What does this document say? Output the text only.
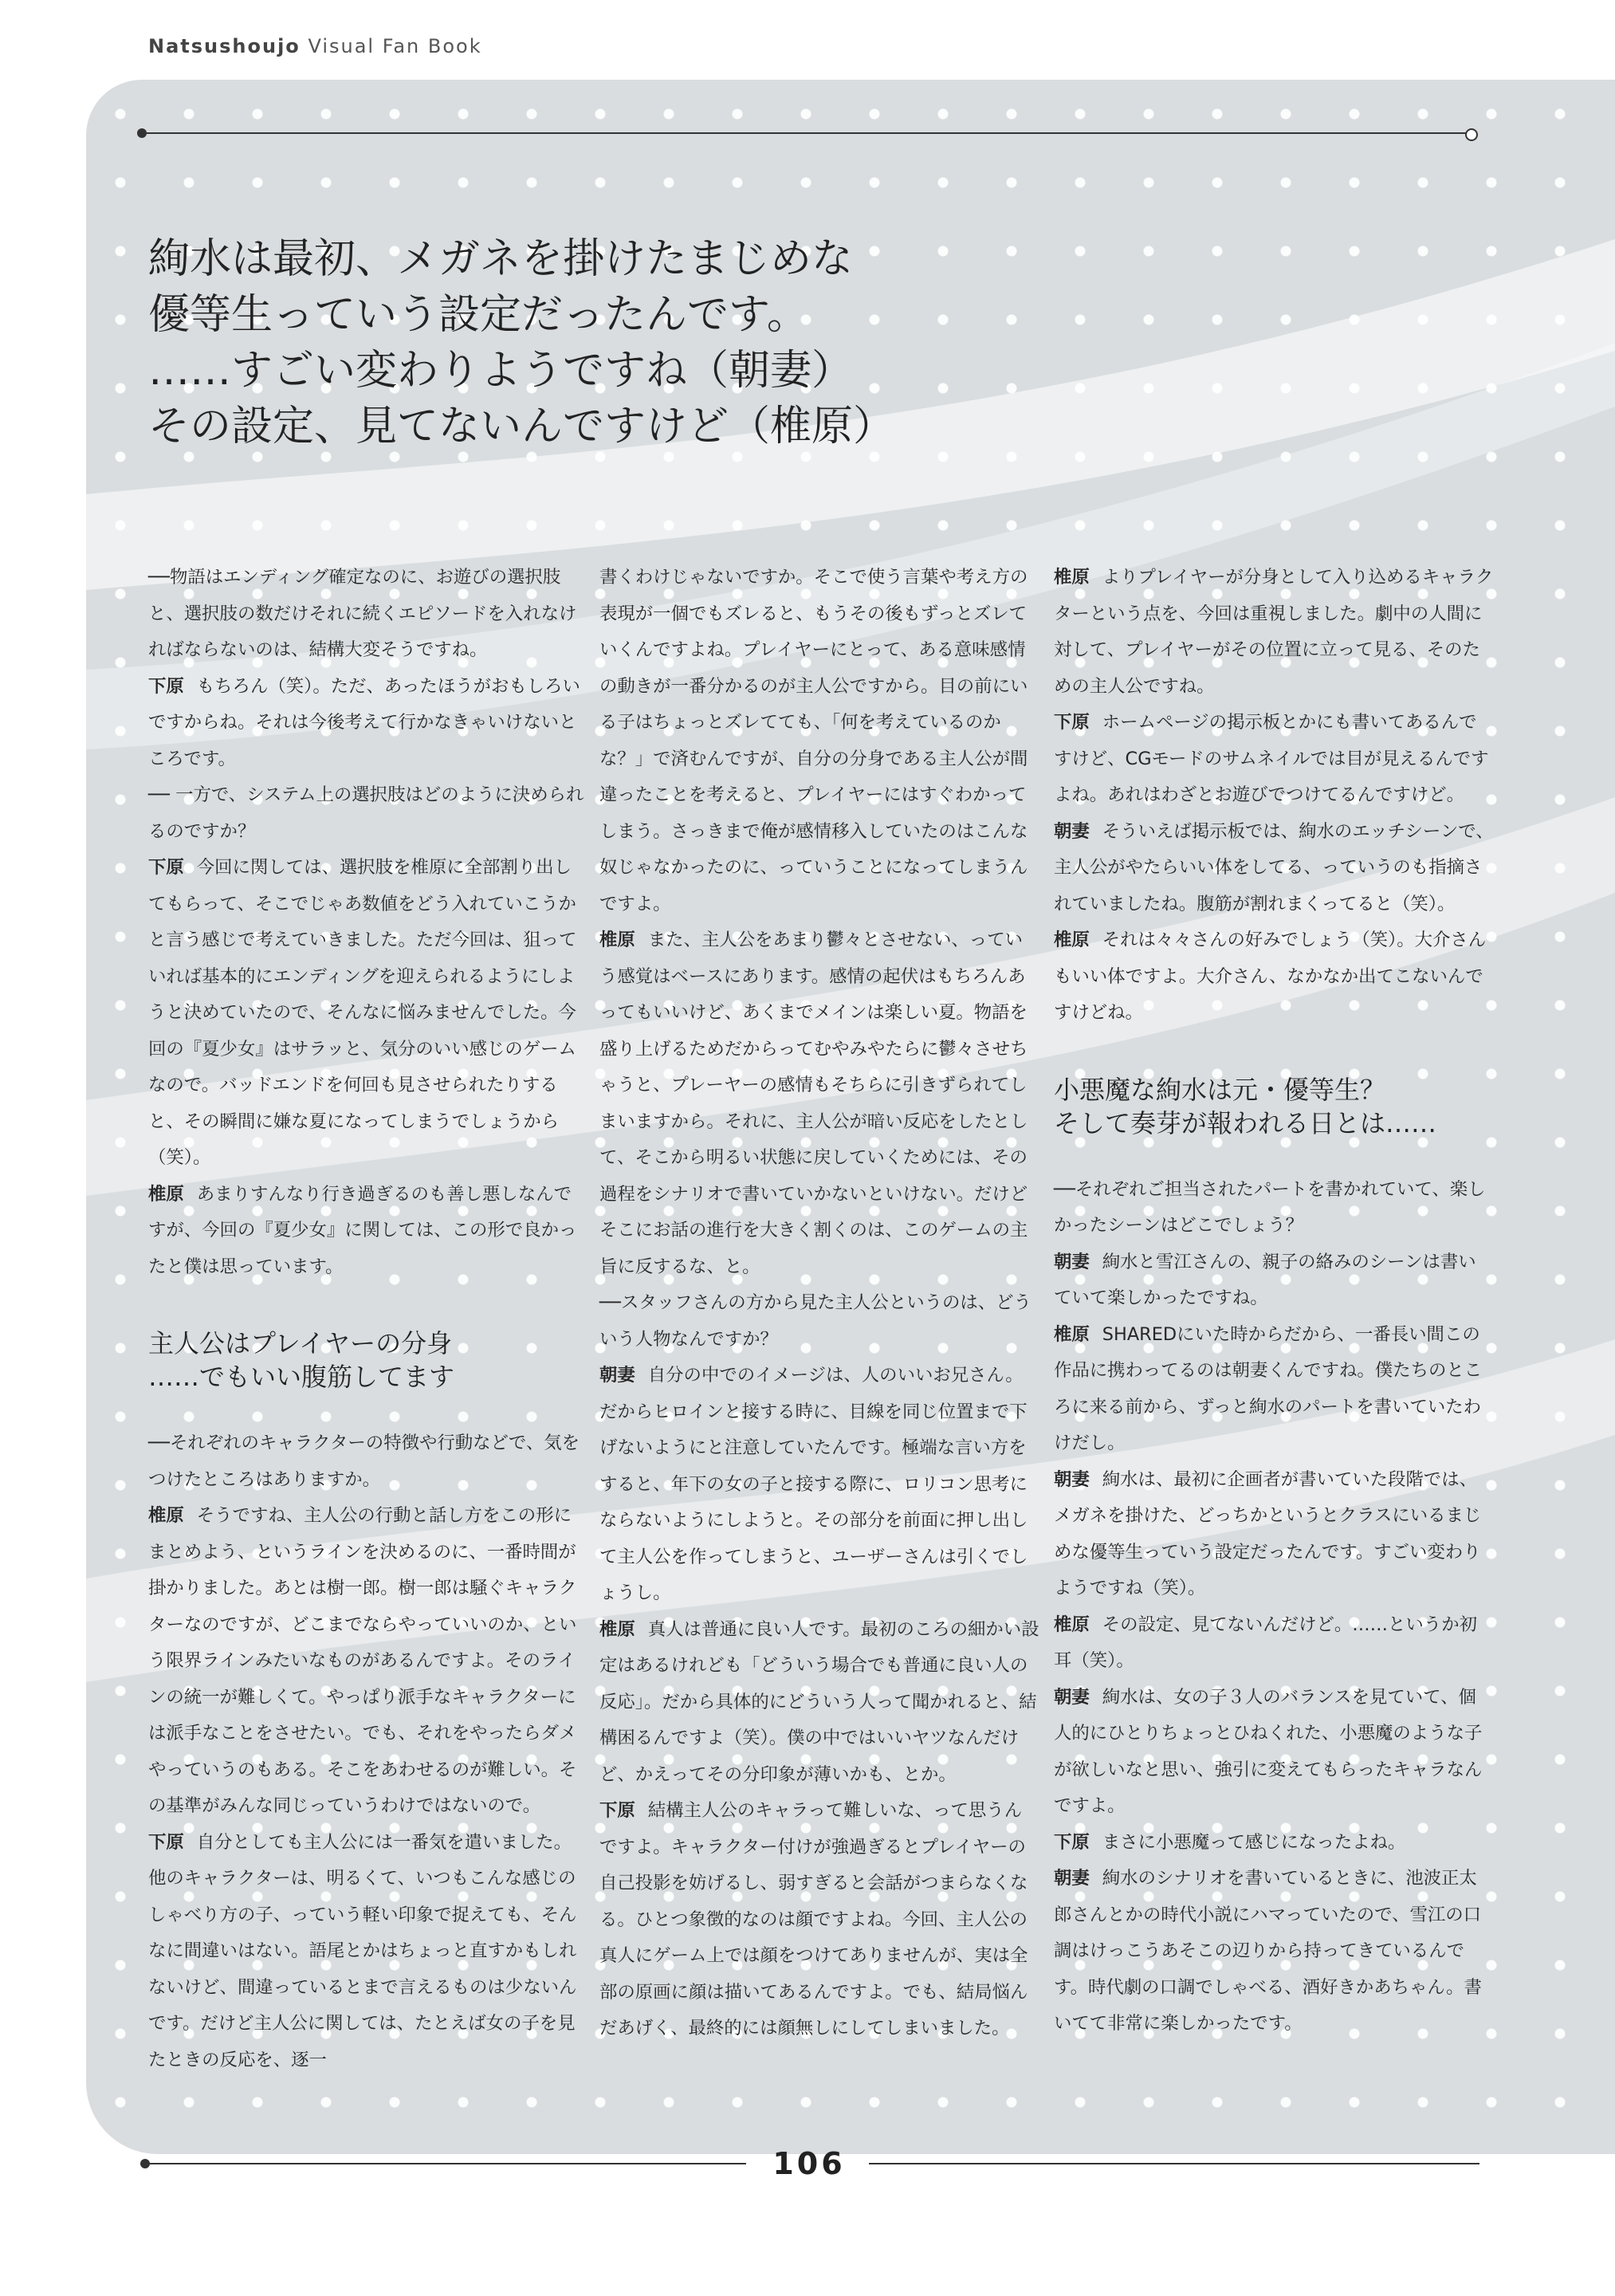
Natsushoujo Visual Fan Book
絢水は最初、メガネを掛けたまじめな
優等生っていう設定だったんです。
……すごい変わりようですね（朝妻）
その設定、見てないんですけど（椎原）

──物語はエンディング確定なのに、お遊びの選択肢と、選択肢の数だけそれに続くエピソードを入れなければならないのは、結構大変そうですね。

下原 もちろん（笑）。ただ、あったほうがおもしろいですからね。それは今後考えて行かなきゃいけないところです。

── 一方で、システム上の選択肢はどのように決められるのですか？

下原 今回に関しては、選択肢を椎原に全部割り出してもらって、そこでじゃあ数値をどう入れていこうかと言う感じで考えていきました。ただ今回は、狙っていれば基本的にエンディングを迎えられるようにしようと決めていたので、そんなに悩みませんでした。今回の『夏少女』はサラッと、気分のいい感じのゲームなので。バッドエンドを何回も見させられたりすると、その瞬間に嫌な夏になってしまうでしょうから（笑）。

椎原 あまりすんなり行き過ぎるのも善し悪しなんですが、今回の『夏少女』に関しては、この形で良かったと僕は思っています。

主人公はプレイヤーの分身
……でもいい腹筋してます

──それぞれのキャラクターの特徴や行動などで、気をつけたところはありますか。

椎原 そうですね、主人公の行動と話し方をこの形にまとめよう、というラインを決めるのに、一番時間が掛かりました。あとは樹一郎。樹一郎は騒ぐキャラクターなのですが、どこまでならやっていいのか、という限界ラインみたいなものがあるんですよ。そのラインの統一が難しくて。やっぱり派手なキャラクターには派手なことをさせたい。でも、それをやったらダメやっていうのもある。そこをあわせるのが難しい。その基準がみんな同じっていうわけではないので。

下原 自分としても主人公には一番気を遣いました。他のキャラクターは、明るくて、いつもこんな感じのしゃべり方の子、っていう軽い印象で捉えても、そんなに間違いはない。語尾とかはちょっと直すかもしれないけど、間違っているとまで言えるものは少ないんです。だけど主人公に関しては、たとえば女の子を見たときの反応を、逐一

書くわけじゃないですか。そこで使う言葉や考え方の表現が一個でもズレると、もうその後もずっとズレていくんですよね。プレイヤーにとって、ある意味感情の動きが一番分かるのが主人公ですから。目の前にいる子はちょっとズレてても、「何を考えているのかな？」で済むんですが、自分の分身である主人公が間違ったことを考えると、プレイヤーにはすぐわかってしまう。さっきまで俺が感情移入していたのはこんな奴じゃなかったのに、っていうことになってしまうんですよ。

椎原 また、主人公をあまり鬱々とさせない、っていう感覚はベースにあります。感情の起伏はもちろんあってもいいけど、あくまでメインは楽しい夏。物語を盛り上げるためだからってむやみやたらに鬱々させちゃうと、プレーヤーの感情もそちらに引きずられてしまいますから。それに、主人公が暗い反応をしたとして、そこから明るい状態に戻していくためには、その過程をシナリオで書いていかないといけない。だけどそこにお話の進行を大きく割くのは、このゲームの主旨に反するな、と。

──スタッフさんの方から見た主人公というのは、どういう人物なんですか？

朝妻 自分の中でのイメージは、人のいいお兄さん。だからヒロインと接する時に、目線を同じ位置まで下げないようにと注意していたんです。極端な言い方をすると、年下の女の子と接する際に、ロリコン思考にならないようにしようと。その部分を前面に押し出して主人公を作ってしまうと、ユーザーさんは引くでしょうし。

椎原 真人は普通に良い人です。最初のころの細かい設定はあるけれども「どういう場合でも普通に良い人の反応」。だから具体的にどういう人って聞かれると、結構困るんですよ（笑）。僕の中ではいいヤツなんだけど、かえってその分印象が薄いかも、とか。

下原 結構主人公のキャラって難しいな、って思うんですよ。キャラクター付けが強過ぎるとプレイヤーの自己投影を妨げるし、弱すぎると会話がつまらなくなる。ひとつ象徴的なのは顔ですよね。今回、主人公の真人にゲーム上では顔をつけてありませんが、実は全部の原画に顔は描いてあるんですよ。でも、結局悩んだあげく、最終的には顔無しにしてしまいました。

椎原 よりプレイヤーが分身として入り込めるキャラクターという点を、今回は重視しました。劇中の人間に対して、プレイヤーがその位置に立って見る、そのための主人公ですね。

下原 ホームページの掲示板とかにも書いてあるんですけど、CGモードのサムネイルでは目が見えるんですよね。あれはわざとお遊びでつけてるんですけど。

朝妻 そういえば掲示板では、絢水のエッチシーンで、主人公がやたらいい体をしてる、っていうのも指摘されていましたね。腹筋が割れまくってると（笑）。

椎原 それは々々さんの好みでしょう（笑）。大介さんもいい体ですよ。大介さん、なかなか出てこないんですけどね。

小悪魔な絢水は元・優等生？
そして奏芽が報われる日とは……

──それぞれご担当されたパートを書かれていて、楽しかったシーンはどこでしょう？

朝妻 絢水と雪江さんの、親子の絡みのシーンは書いていて楽しかったですね。

椎原 SHAREDにいた時からだから、一番長い間この作品に携わってるのは朝妻くんですね。僕たちのところに来る前から、ずっと絢水のパートを書いていたわけだし。

朝妻 絢水は、最初に企画者が書いていた段階では、メガネを掛けた、どっちかというとクラスにいるまじめな優等生っていう設定だったんです。すごい変わりようですね（笑）。

椎原 その設定、見てないんだけど。……というか初耳（笑）。

朝妻 絢水は、女の子３人のバランスを見ていて、個人的にひとりちょっとひねくれた、小悪魔のような子が欲しいなと思い、強引に変えてもらったキャラなんですよ。

下原 まさに小悪魔って感じになったよね。

朝妻 絢水のシナリオを書いているときに、池波正太郎さんとかの時代小説にハマっていたので、雪江の口調はけっこうあそこの辺りから持ってきているんです。時代劇の口調でしゃべる、酒好きかあちゃん。書いてて非常に楽しかったです。

106
